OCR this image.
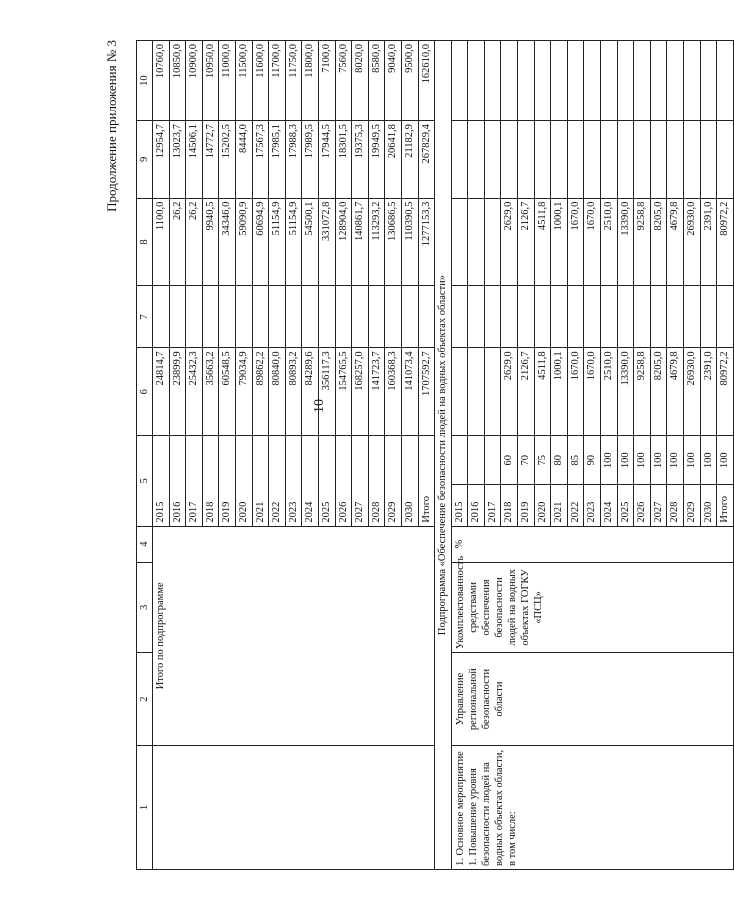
10
Продолжение приложения № 3
1	2	3	4	5		6	7	8	9	10
	Итого по подпрограмме			2015		24814,7		1100,0	12954,7	10760,0
				2016		23899,9		26,2	13023,7	10850,0
				2017		25432,3		26,2	14506,1	10900,0
				2018		35663,2		9940,5	14772,7	10950,0
				2019		60548,5		34346,0	15202,5	11000,0
				2020		79034,9		59090,9	8444,0	11500,0
				2021		89862,2		60694,9	17567,3	11600,0
				2022		80840,0		51154,9	17985,1	11700,0
				2023		80893,2		51154,9	17988,3	11750,0
				2024		84289,6		54500,1	17989,5	11800,0
				2025		356117,3		331072,8	17944,5	7100,0
				2026		154765,5		128904,0	18301,5	7560,0
				2027		168257,0		140861,7	19375,3	8020,0
				2028		141723,7		113293,2	19949,5	8580,0
				2029		160368,3		130686,5	20641,8	9040,0
				2030		141073,4		110390,5	21182,9	9500,0
				Итого		1707592,7		1277153,3	267829,4	162610,0
Подпрограмма «Обеспечение безопасности людей на водных объектах области»										
1. Основное мероприятие 1. Повышение уровня безопасности людей на водных объектах области, в том числе:	Управление региональной безопасности области	Укомплектованность средствами обеспечения безопасности людей на водных объектах ГОГКУ «ПСЦ»	%	2015						
				2016						
				2017						
				2018	60	2629,0		2629,0		
				2019	70	2126,7		2126,7		
				2020	75	4511,8		4511,8		
				2021	80	1000,1		1000,1		
				2022	85	1670,0		1670,0		
				2023	90	1670,0		1670,0		
				2024	100	2510,0		2510,0		
				2025	100	13390,0		13390,0		
				2026	100	9258,8		9258,8		
				2027	100	8205,0		8205,0		
				2028	100	4679,8		4679,8		
				2029	100	26930,0		26930,0		
				2030	100	2391,0		2391,0		
				Итого	100	80972,2		80972,2		
